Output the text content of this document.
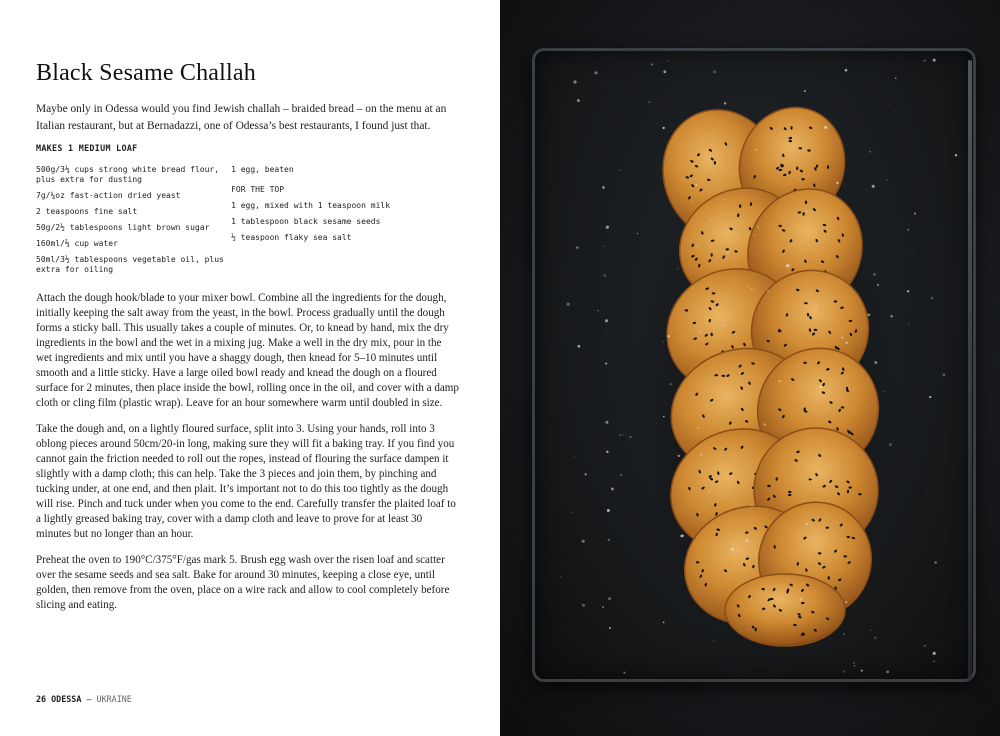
Black Sesame Challah

Maybe only in Odessa would you find Jewish challah – braided bread – on the menu at an Italian restaurant, but at Bernadazzi, one of Odessa’s best restaurants, I found just that.

MAKES 1 MEDIUM LOAF
500g/3⅓ cups strong white bread flour, plus extra for dusting
7g/¼oz fast-action dried yeast
2 teaspoons fine salt
50g/2½ tablespoons light brown sugar
160ml/⅔ cup water
50ml/3½ tablespoons vegetable oil, plus extra for oiling
1 egg, beaten
FOR THE TOP
1 egg, mixed with 1 teaspoon milk
1 tablespoon black sesame seeds
½ teaspoon flaky sea salt

Attach the dough hook/blade to your mixer bowl. Combine all the ingredients for the dough, initially keeping the salt away from the yeast, in the bowl. Process gradually until the dough forms a sticky ball. This usually takes a couple of minutes. Or, to knead by hand, mix the dry ingredients in the bowl and the wet in a mixing jug. Make a well in the dry mix, pour in the wet ingredients and mix until you have a shaggy dough, then knead for 5–10 minutes until smooth and a little sticky. Have a large oiled bowl ready and knead the dough on a floured surface for 2 minutes, then place inside the bowl, rolling once in the oil, and cover with a damp cloth or cling film (plastic wrap). Leave for an hour somewhere warm until doubled in size.

Take the dough and, on a lightly floured surface, split into 3. Using your hands, roll into 3 oblong pieces around 50cm/20-in long, making sure they will fit a baking tray. If you find you cannot gain the friction needed to roll out the ropes, instead of flouring the surface dampen it slightly with a damp cloth; this can help. Take the 3 pieces and join them, by pinching and tucking under, at one end, and then plait. It’s important not to do this too tightly as the dough will rise. Pinch and tuck under when you come to the end. Carefully transfer the plaited loaf to a lightly greased baking tray, cover with a damp cloth and leave to prove for at least 30 minutes but no longer than an hour.

Preheat the oven to 190°C/375°F/gas mark 5. Brush egg wash over the risen loaf and scatter over the sesame seeds and sea salt. Bake for around 30 minutes, keeping a close eye, until golden, then remove from the oven, place on a wire rack and allow to cool completely before slicing and eating.

26 ODESSA – UKRAINE
